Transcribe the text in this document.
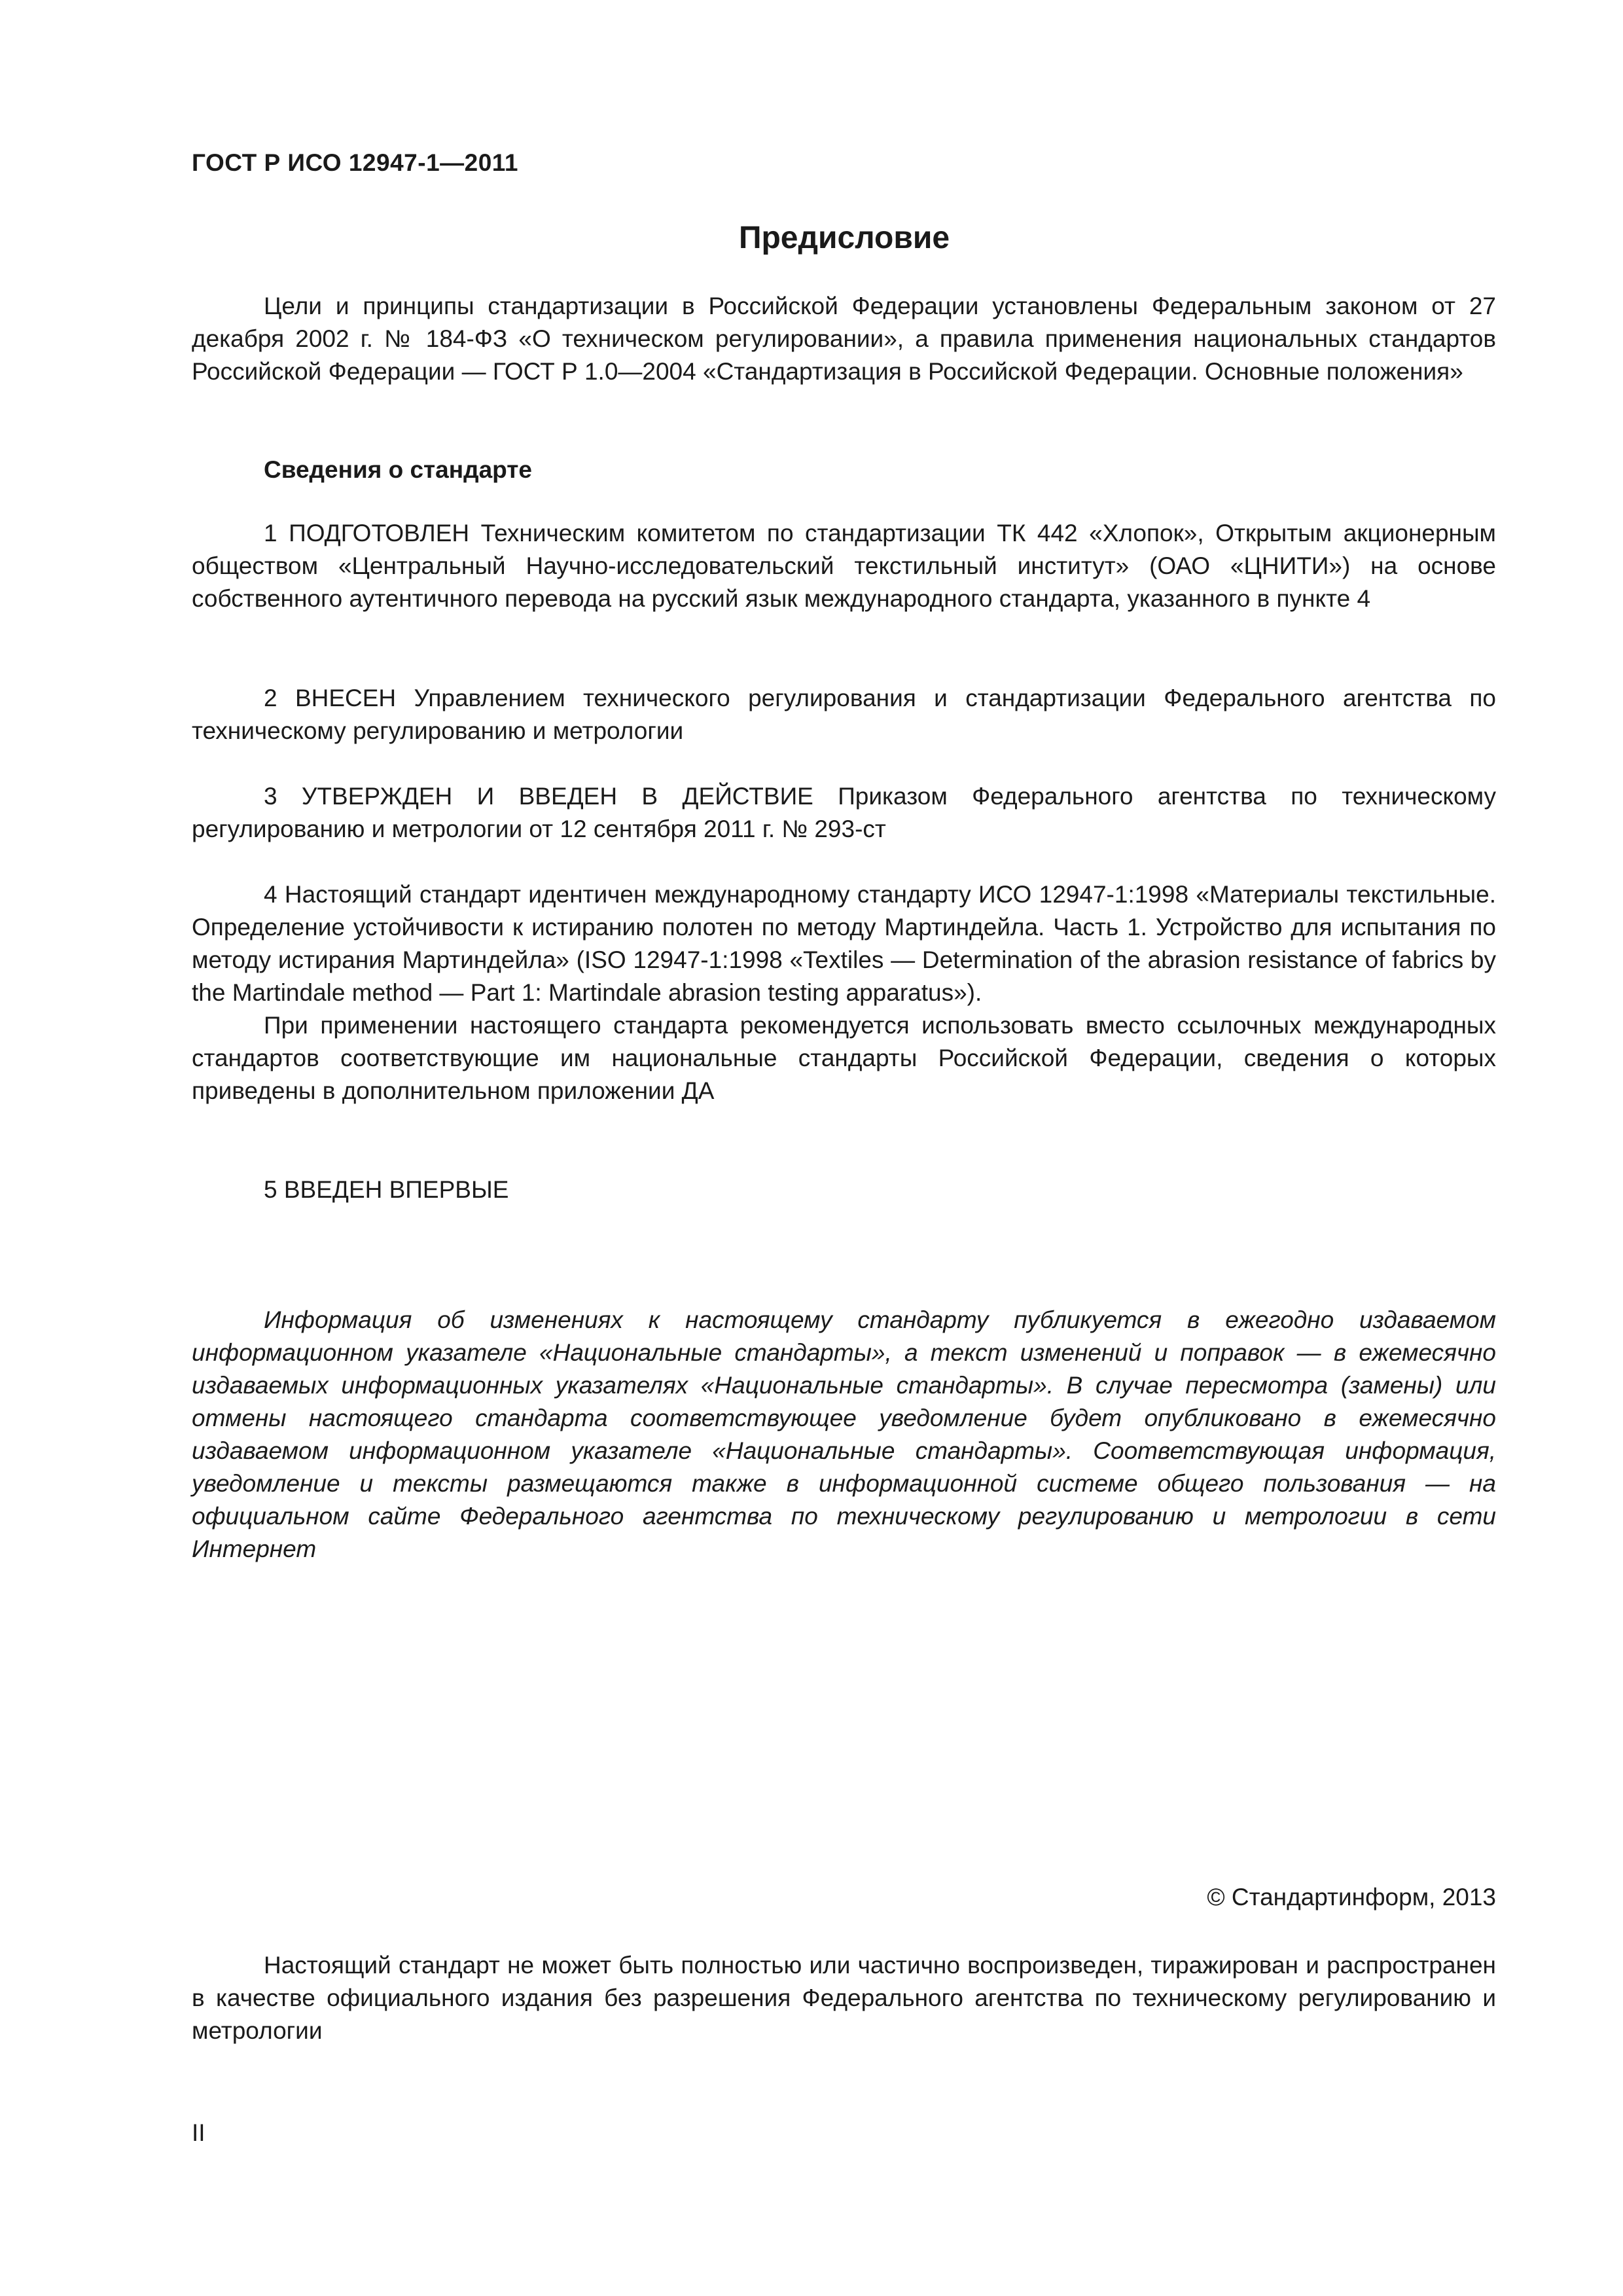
ГОСТ Р ИСО 12947-1—2011
Предисловие

Цели и принципы стандартизации в Российской Федерации установлены Федеральным законом от 27 декабря 2002 г. № 184-ФЗ «О техническом регулировании», а правила применения национальных стандартов Российской Федерации — ГОСТ Р 1.0—2004 «Стандартизация в Российской Федерации. Основные положения»

Сведения о стандарте

1 ПОДГОТОВЛЕН Техническим комитетом по стандартизации ТК 442 «Хлопок», Открытым акционерным обществом «Центральный Научно-исследовательский текстильный институт» (ОАО «ЦНИТИ») на основе собственного аутентичного перевода на русский язык международного стандарта, указанного в пункте 4

2 ВНЕСЕН Управлением технического регулирования и стандартизации Федерального агентства по техническому регулированию и метрологии

3 УТВЕРЖДЕН И ВВЕДЕН В ДЕЙСТВИЕ Приказом Федерального агентства по техническому регулированию и метрологии от 12 сентября 2011 г. № 293-ст

4 Настоящий стандарт идентичен международному стандарту ИСО 12947-1:1998 «Материалы текстильные. Определение устойчивости к истиранию полотен по методу Мартиндейла. Часть 1. Устройство для испытания по методу истирания Мартиндейла» (ISO 12947-1:1998 «Textiles — Determination of the abrasion resistance of fabrics by the Martindale method — Part 1: Martindale abrasion testing apparatus»).

При применении настоящего стандарта рекомендуется использовать вместо ссылочных международных стандартов соответствующие им национальные стандарты Российской Федерации, сведения о которых приведены в дополнительном приложении ДА

5 ВВЕДЕН ВПЕРВЫЕ

Информация об изменениях к настоящему стандарту публикуется в ежегодно издаваемом информационном указателе «Национальные стандарты», а текст изменений и поправок — в ежемесячно издаваемых информационных указателях «Национальные стандарты». В случае пересмотра (замены) или отмены настоящего стандарта соответствующее уведомление будет опубликовано в ежемесячно издаваемом информационном указателе «Национальные стандарты». Соответствующая информация, уведомление и тексты размещаются также в информационной системе общего пользования — на официальном сайте Федерального агентства по техническому регулированию и метрологии в сети Интернет

© Стандартинформ, 2013

Настоящий стандарт не может быть полностью или частично воспроизведен, тиражирован и распространен в качестве официального издания без разрешения Федерального агентства по техническому регулированию и метрологии

II
